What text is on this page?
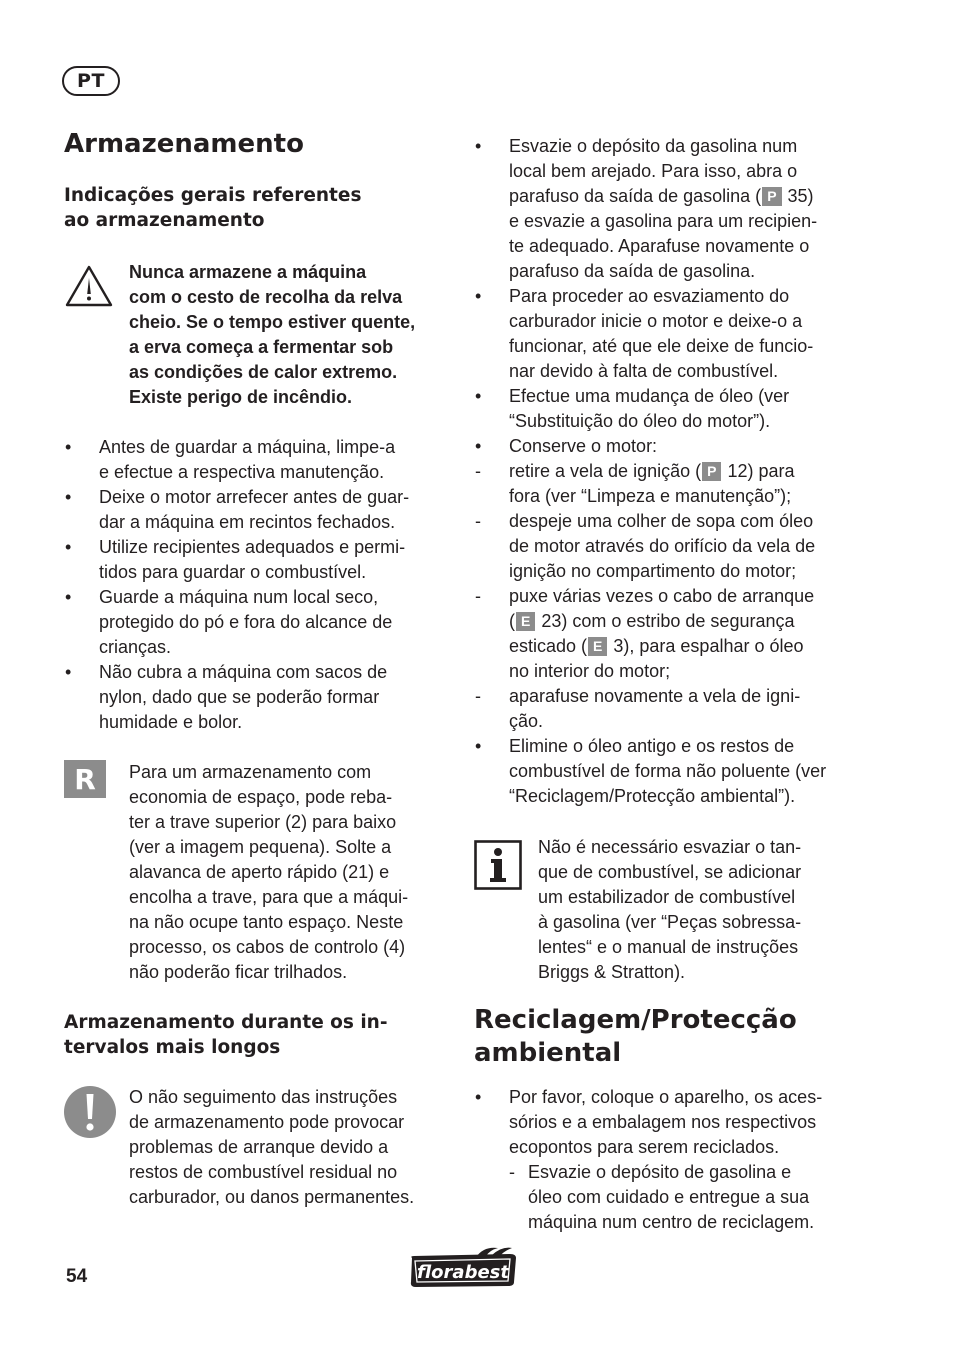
PT
Armazenamento
Indicações gerais referentes
ao armazenamento
Nunca armazene a máquina
com o cesto de recolha da relva
cheio. Se o tempo estiver quente,
a erva começa a fermentar sob
as condições de calor extremo.
Existe perigo de incêndio.
•	Antes de guardar a máquina, limpe-a
e efectue a respectiva manutenção.
•	Deixe o motor arrefecer antes de guar-
dar a máquina em recintos fechados.
•	Utilize recipientes adequados e permi-
tidos para guardar o combustível.
•	Guarde a máquina num local seco,
protegido do pó e fora do alcance de
crianças.
•	Não cubra a máquina com sacos de
nylon, dado que se poderão formar
humidade e bolor.
R	Para um armazenamento com
economia de espaço, pode reba-
ter a trave superior (2) para baixo
(ver a imagem pequena). Solte a
alavanca de aperto rápido (21) e
encolha a trave, para que a máqui-
na não ocupe tanto espaço. Neste
processo, os cabos de controlo (4)
não poderão ficar trilhados.
Armazenamento durante os in-
tervalos mais longos
O não seguimento das instruções
de armazenamento pode provocar
problemas de arranque devido a
restos de combustível residual no
carburador, ou danos permanentes.
•	Esvazie o depósito da gasolina num
local bem arejado. Para isso, abra o
parafuso da saída de gasolina ( P 35)
e esvazie a gasolina para um recipien-
te adequado. Aparafuse novamente o
parafuso da saída de gasolina.
•	Para proceder ao esvaziamento do
carburador inicie o motor e deixe-o a
funcionar, até que ele deixe de funcio-
nar devido à falta de combustível.
•	Efectue uma mudança de óleo (ver
“Substituição do óleo do motor”).
•	Conserve o motor:
-	retire a vela de ignição ( P 12) para
fora (ver “Limpeza e manutenção”);
-	despeje uma colher de sopa com óleo
de motor através do orifício da vela de
ignição no compartimento do motor;
-	puxe várias vezes o cabo de arranque
( E 23) com o estribo de segurança
esticado ( E 3), para espalhar o óleo
no interior do motor;
-	aparafuse novamente a vela de igni-
ção.
•	Elimine o óleo antigo e os restos de
combustível de forma não poluente (ver
“Reciclagem/Protecção ambiental”).
Não é necessário esvaziar o tan-
que de combustível, se adicionar
um estabilizador de combustível
à gasolina (ver “Peças sobressa-
lentes“ e o manual de instruções
Briggs & Stratton).
Reciclagem/Protecção
ambiental
•	Por favor, coloque o aparelho, os aces-
sórios e a embalagem nos respectivos
ecopontos para serem reciclados.
- Esvazie o depósito de gasolina e
óleo com cuidado e entregue a sua
máquina num centro de reciclagem.
54	florabest
